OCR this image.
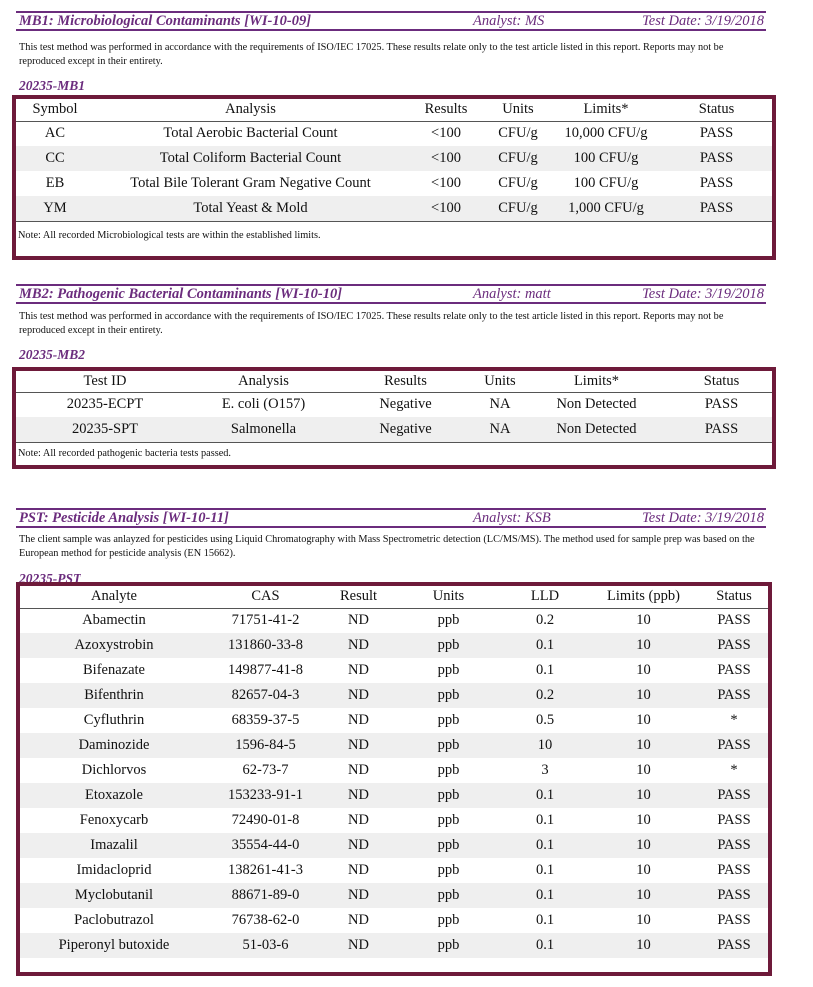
MB1: Microbiological Contaminants [WI-10-09]	Analyst: MS	Test Date: 3/19/2018
This test method was performed in accordance with the requirements of ISO/IEC 17025. These results relate only to the test article listed in this report. Reports may not be reproduced except in their entirety.
20235-MB1
Symbol	Analysis	Results	Units	Limits*	Status
AC	Total Aerobic Bacterial Count	<100	CFU/g	10,000 CFU/g	PASS
CC	Total Coliform Bacterial Count	<100	CFU/g	100 CFU/g	PASS
EB	Total Bile Tolerant Gram Negative Count	<100	CFU/g	100 CFU/g	PASS
YM	Total Yeast & Mold	<100	CFU/g	1,000 CFU/g	PASS
Note: All recorded Microbiological tests are within the established limits.					
MB2: Pathogenic Bacterial Contaminants [WI-10-10]	Analyst: matt	Test Date: 3/19/2018
This test method was performed in accordance with the requirements of ISO/IEC 17025. These results relate only to the test article listed in this report. Reports may not be reproduced except in their entirety.
20235-MB2
Test ID	Analysis	Results	Units	Limits*	Status
20235-ECPT	E. coli (O157)	Negative	NA	Non Detected	PASS
20235-SPT	Salmonella	Negative	NA	Non Detected	PASS
Note: All recorded pathogenic bacteria tests passed.					
PST: Pesticide Analysis [WI-10-11]	Analyst: KSB	Test Date: 3/19/2018
The client sample was anlayzed for pesticides using Liquid Chromatography with Mass Spectrometric detection (LC/MS/MS). The method used for sample prep was based on the European method for pesticide analysis (EN 15662).
20235-PST
Analyte	CAS	Result	Units	LLD	Limits (ppb)	Status
Abamectin	71751-41-2	ND	ppb	0.2	10	PASS
Azoxystrobin	131860-33-8	ND	ppb	0.1	10	PASS
Bifenazate	149877-41-8	ND	ppb	0.1	10	PASS
Bifenthrin	82657-04-3	ND	ppb	0.2	10	PASS
Cyfluthrin	68359-37-5	ND	ppb	0.5	10	*
Daminozide	1596-84-5	ND	ppb	10	10	PASS
Dichlorvos	62-73-7	ND	ppb	3	10	*
Etoxazole	153233-91-1	ND	ppb	0.1	10	PASS
Fenoxycarb	72490-01-8	ND	ppb	0.1	10	PASS
Imazalil	35554-44-0	ND	ppb	0.1	10	PASS
Imidacloprid	138261-41-3	ND	ppb	0.1	10	PASS
Myclobutanil	88671-89-0	ND	ppb	0.1	10	PASS
Paclobutrazol	76738-62-0	ND	ppb	0.1	10	PASS
Piperonyl butoxide	51-03-6	ND	ppb	0.1	10	PASS
